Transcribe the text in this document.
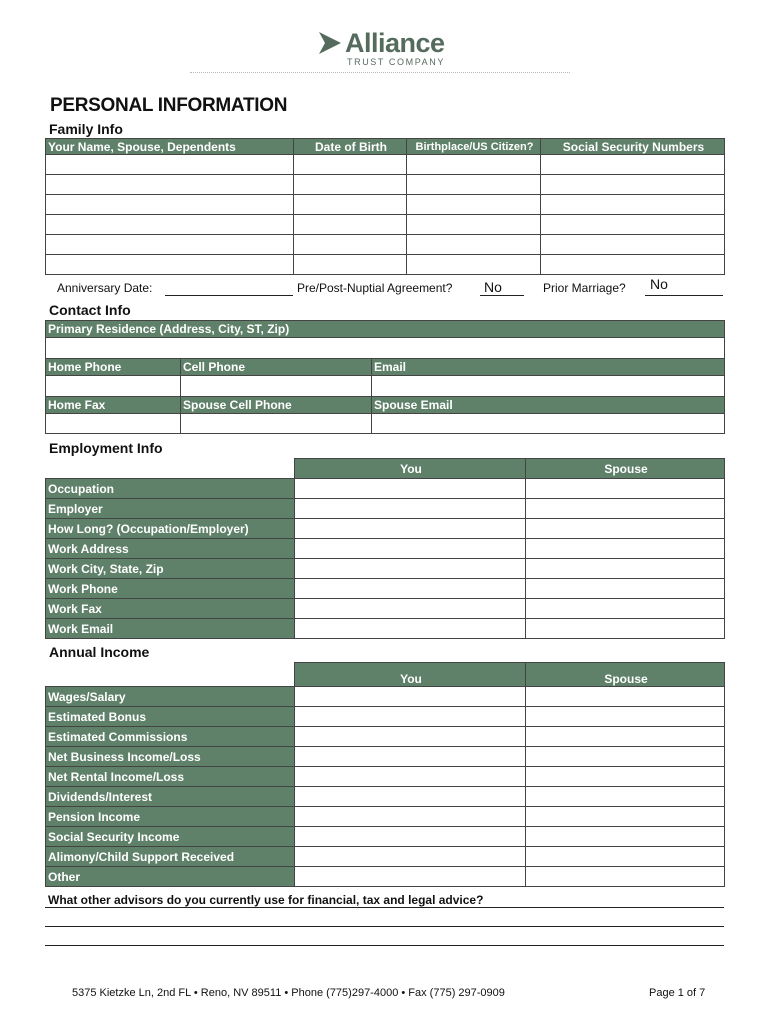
Alliance
TRUST COMPANY
PERSONAL INFORMATION
Family Info
Your Name, Spouse, Dependents	Date of Birth	Birthplace/US Citizen?	Social Security Numbers

Anniversary Date:	Pre/Post-Nuptial Agreement? No	Prior Marriage? No
Contact Info
Primary Residence (Address, City, ST, Zip)		

Home Phone	Cell Phone	Email

Home Fax	Spouse Cell Phone	Spouse Email

Employment Info
	You	Spouse
Occupation		
Employer		
How Long? (Occupation/Employer)		
Work Address		
Work City, State, Zip		
Work Phone		
Work Fax		
Work Email		
Annual Income
	You	Spouse
Wages/Salary		
Estimated Bonus		
Estimated Commissions		
Net Business Income/Loss		
Net Rental Income/Loss		
Dividends/Interest		
Pension Income		
Social Security Income		
Alimony/Child Support Received		
Other		
What other advisors do you currently use for financial, tax and legal advice?
5375 Kietzke Ln, 2nd FL • Reno, NV 89511 • Phone (775)297-4000 • Fax (775) 297-0909	Page 1 of 7
